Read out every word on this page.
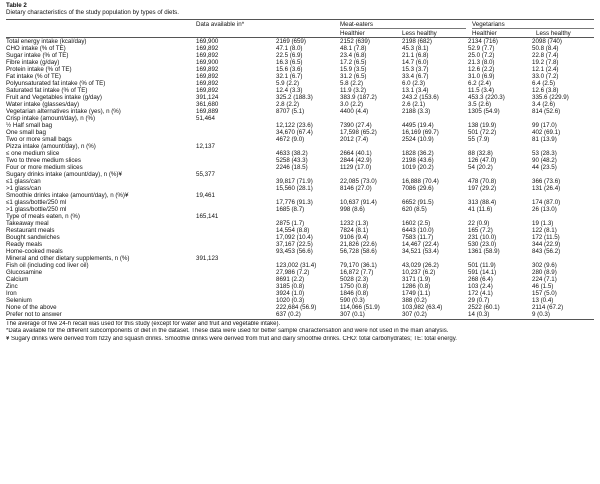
Table 2
Dietary characteristics of the study population by types of diets.
Data available in*	Meat-eaters	Vegetarians
Healthier	Less healthy	Healthier	Less healthy
Total energy intake (kcal/day)	169,900	2169 (659)	2152 (639)	2198 (682)	2134 (716)	2098 (740)
CHO intake (% of TE)	169,892	47.1 (8.0)	48.1 (7.8)	45.3 (8.1)	52.9 (7.7)	50.8 (8.4)
Sugar intake (% of TE)	169,892	22.5 (6.9)	23.4 (6.8)	21.1 (6.8)	25.0 (7.2)	22.8 (7.4)
Fibre intake (g/day)	169,900	16.3 (6.5)	17.2 (6.5)	14.7 (6.0)	21.3 (8.0)	19.2 (7.8)
Protein intake (% of TE)	169,892	15.6 (3.6)	15.9 (3.5)	15.3 (3.7)	12.6 (2.2)	12.1 (2.4)
Fat intake (% of TE)	169,892	32.1 (6.7)	31.2 (6.5)	33.4 (6.7)	31.0 (6.9)	33.0 (7.2)
Polyunsaturated fat intake (% of TE)	169,892	5.9 (2.2)	5.8 (2.2)	6.0 (2.3)	6.2 (2.4)	6.4 (2.5)
Saturated fat intake (% of TE)	169,892	12.4 (3.3)	11.9 (3.2)	13.1 (3.4)	11.5 (3.4)	12.6 (3.8)
Fruit and Vegetables intake (g/day)	391,124	325.2 (188.3)	383.9 (187.2)	243.2 (153.6)	453.3 (220.3)	335.6 (229.9)
Water intake (glasses/day)	361,680	2.8 (2.2)	3.0 (2.2)	2.6 (2.1)	3.5 (2.6)	3.4 (2.6)
Vegetarian alternatives intake (yes), n (%)	169,889	8707 (5.1)	4400 (4.4)	2188 (3.3)	1305 (54.9)	814 (52.6)
Crisp intake (amount/day), n (%)	51,464					
½ Half small bag		12,122 (23.6)	7390 (27.4)	4495 (19.4)	138 (19.9)	99 (17.0)
One small bag		34,670 (67.4)	17,598 (65.2)	16,169 (69.7)	501 (72.2)	402 (69.1)
Two or more small bags		4672 (9.0)	2012 (7.4)	2524 (10.9)	55 (7.9)	81 (13.9)
Pizza intake (amount/day), n (%)	12,137					
≤ one medium slice		4633 (38.2)	2664 (40.1)	1828 (36.2)	88 (32.8)	53 (28.3)
Two to three medium slices		5258 (43.3)	2844 (42.9)	2198 (43.6)	126 (47.0)	90 (48.2)
Four or more medium slices		2246 (18.5)	1129 (17.0)	1019 (20.2)	54 (20.2)	44 (23.5)
Sugary drinks intake (amount/day), n (%)¥	55,377					
≤1 glass/can		39,817 (71.9)	22,085 (73.0)	16,888 (70.4)	478 (70.8)	366 (73.6)
>1 glass/can		15,560 (28.1)	8146 (27.0)	7086 (29.6)	197 (29.2)	131 (26.4)
Smoothie drinks intake (amount/day), n (%)¥	19,461					
≤1 glass/bottle/250 ml		17,776 (91.3)	10,637 (91.4)	6652 (91.5)	313 (88.4)	174 (87.0)
>1 glass/bottle/250 ml		1685 (8.7)	998 (8.6)	620 (8.5)	41 (11.6)	26 (13.0)
Type of meals eaten, n (%)	165,141					
Takeaway meal		2875 (1.7)	1232 (1.3)	1602 (2.5)	22 (0.9)	19 (1.3)
Restaurant meals		14,554 (8.8)	7824 (8.1)	6443 (10.0)	165 (7.2)	122 (8.1)
Bought sandwiches		17,092 (10.4)	9106 (9.4)	7583 (11.7)	231 (10.0)	172 (11.5)
Ready meals		37,167 (22.5)	21,826 (22.6)	14,467 (22.4)	530 (23.0)	344 (22.9)
Home-cooked meals		93,453 (56.6)	56,728 (58.6)	34,521 (53.4)	1361 (58.9)	843 (56.2)
Mineral and other dietary supplements, n (%)	391,123					
Fish oil (including cod liver oil)		123,002 (31.4)	79,170 (36.1)	43,029 (26.2)	501 (11.9)	302 (9.6)
Glucosamine		27,986 (7.2)	16,872 (7.7)	10,237 (6.2)	591 (14.1)	280 (8.9)
Calcium		8691 (2.2)	5028 (2.3)	3171 (1.9)	268 (6.4)	224 (7.1)
Zinc		3185 (0.8)	1750 (0.8)	1286 (0.8)	103 (2.4)	46 (1.5)
Iron		3924 (1.0)	1846 (0.8)	1749 (1.1)	172 (4.1)	157 (5.0)
Selenium		1020 (0.3)	590 (0.3)	388 (0.2)	29 (0.7)	13 (0.4)
None of the above		222,684 (56.9)	114,066 (51.9)	103,982 (63.4)	2522 (60.1)	2114 (67.2)
Prefer not to answer		637 (0.2)	307 (0.1)	307 (0.2)	14 (0.3)	9 (0.3)
The average of five 24-h recall was used for this study (except for water and fruit and vegetable intake).
*Data available for the different subcomponents of diet in the dataset. These data were used for better sample characterisation and were not used in the main analysis.
¥ Sugary drinks were derived from fizzy and squash drinks. Smoothie drinks were derived from fruit and dairy smoothie drinks. CHO: total carbohydrates; TE: total energy.
